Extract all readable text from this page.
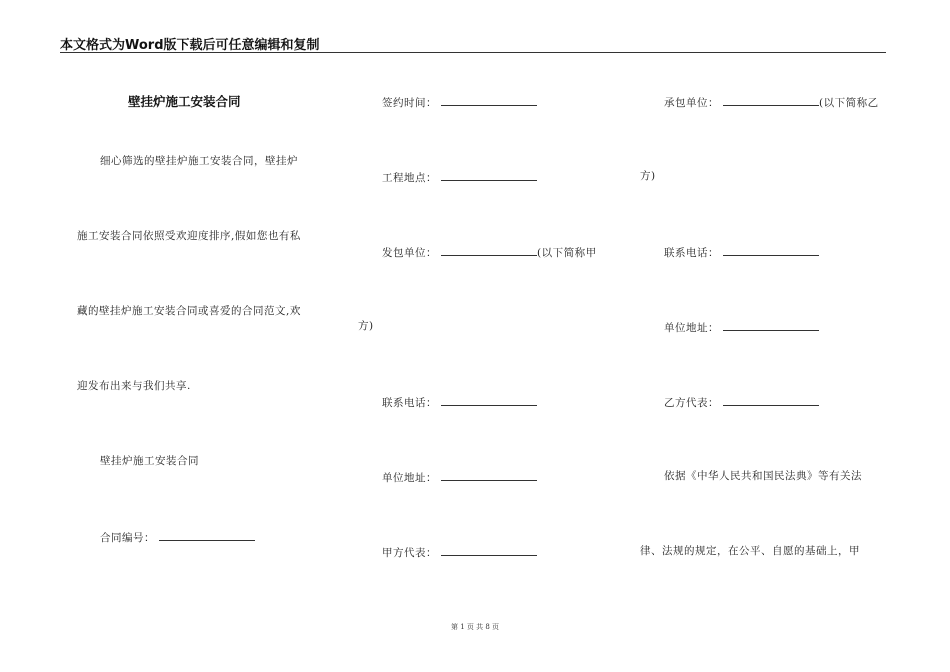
本文格式为Word版下载后可任意编辑和复制
壁挂炉施工安装合同
细心筛选的壁挂炉施工安装合同，壁挂炉
施工安装合同依照受欢迎度排序,假如您也有私
藏的壁挂炉施工安装合同或喜爱的合同范文,欢
迎发布出来与我们共享.
壁挂炉施工安装合同
合同编号：
签约时间：
工程地点：
发包单位：	(以下简称甲
方)
联系电话：
单位地址：
甲方代表：
承包单位：	(以下简称乙
方)
联系电话：
单位地址：
乙方代表：
依据《中华人民共和国民法典》等有关法
律、法规的规定，在公平、自愿的基础上，甲
第 1 页 共 8 页
